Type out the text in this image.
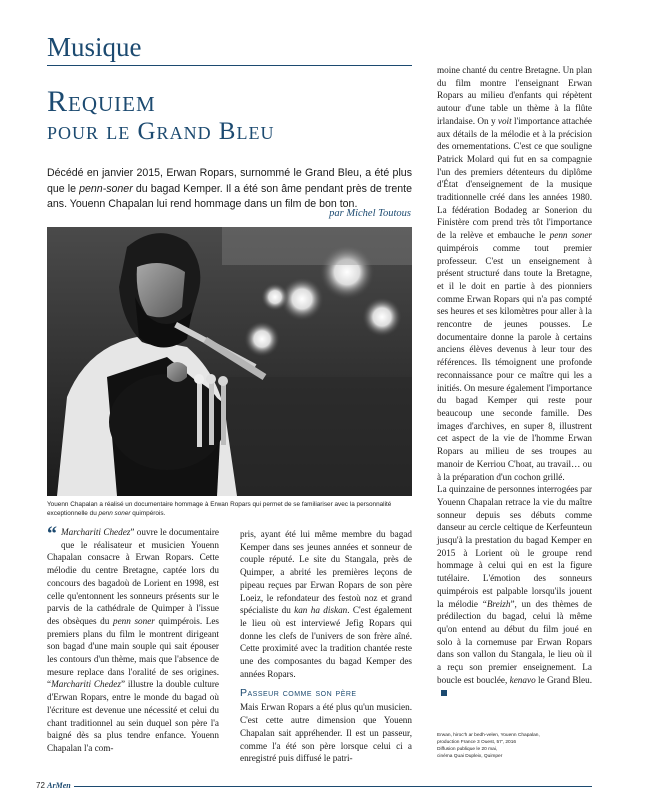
Musique
Requiem
pour le Grand Bleu
Décédé en janvier 2015, Erwan Ropars, surnommé le Grand Bleu, a été plus que le penn-soner du bagad Kemper. Il a été son âme pendant près de trente ans. Youenn Chapalan lui rend hommage dans un film de bon ton.
par Michel Toutous
Youenn Chapalan a réalisé un documentaire hommage à Erwan Ropars qui permet de se familiariser avec la personnalité exceptionnelle du penn soner quimpérois.

“ Marchariti Chedez” ouvre le documentaire que le réalisateur et musicien Youenn Chapalan consacre à Erwan Ropars. Cette mélodie du centre Bretagne, captée lors du concours des bagadoù de Lorient en 1998, est celle qu'entonnent les sonneurs présents sur le parvis de la cathédrale de Quimper à l'issue des obsèques du penn soner quimpérois. Les premiers plans du film le montrent dirigeant son bagad d'une main souple qui sait épouser les contours d'un thème, mais que l'absence de mesure replace dans l'oralité de ses origines. “Marchariti Chedez” illustre la double culture d'Erwan Ropars, entre le monde du bagad où l'écriture est devenue une nécessité et celui du chant traditionnel au sein duquel son père l'a baigné dès sa plus tendre enfance. Youenn Chapalan l'a com-

pris, ayant été lui même membre du bagad Kemper dans ses jeunes années et sonneur de couple réputé. Le site du Stangala, près de Quimper, a abrité les premières leçons de pipeau reçues par Erwan Ropars de son père Loeiz, le refondateur des festoù noz et grand spécialiste du kan ha diskan. C'est également le lieu où est interviewé Jefig Ropars qui donne les clefs de l'univers de son frère aîné. Cette proximité avec la tradition chantée reste une des composantes du bagad Kemper des années Ropars.

Passeur comme son père

Mais Erwan Ropars a été plus qu'un musicien. C'est cette autre dimension que Youenn Chapalan sait appréhender. Il est un passeur, comme l'a été son père lorsque celui ci a enregistré puis diffusé le patri-

moine chanté du centre Bretagne. Un plan du film montre l'enseignant Erwan Ropars au milieu d'enfants qui répètent autour d'une table un thème à la flûte irlandaise. On y voit l'importance attachée aux détails de la mélodie et à la précision des ornementations. C'est ce que souligne Patrick Molard qui fut en sa compagnie l'un des premiers détenteurs du diplôme d'État d'enseignement de la musique traditionnelle créé dans les années 1980. La fédération Bodadeg ar Sonerion du Finistère com prend très tôt l'importance de la relève et embauche le penn soner quimpérois comme tout premier professeur. C'est un enseignement à présent structuré dans toute la Bretagne, et il le doit en partie à des pionniers comme Erwan Ropars qui n'a pas compté ses heures et ses kilomètres pour aller à la rencontre de jeunes pousses. Le documentaire donne la parole à certains anciens élèves devenus à leur tour des références. Ils témoignent une profonde reconnaissance pour ce maître qui les a initiés. On mesure également l'importance du bagad Kemper qui reste pour beaucoup une seconde famille. Des images d'archives, en super 8, illustrent cet aspect de la vie de l'homme Erwan Ropars au milieu de ses troupes au manoir de Kerriou C'hoat, au travail… ou à la préparation d'un cochon grillé.

La quinzaine de personnes interrogées par Youenn Chapalan retrace la vie du maître sonneur depuis ses débuts comme danseur au cercle celtique de Kerfeunteun jusqu'à la prestation du bagad Kemper en 2015 à Lorient où le groupe rend hommage à celui qui en est la figure tutélaire. L'émotion des sonneurs quimpérois est palpable lorsqu'ils jouent la mélodie “Breizh”, un des thèmes de prédilection du bagad, celui là même qu'on entend au début du film joué en solo à la cornemuse par Erwan Ropars dans son vallon du Stangala, le lieu où il a reçu son premier enseignement. La boucle est bouclée, kenavo le Grand Bleu.

Erwan, hiroc'h ar bedh-velen, Youenn Chapalan,
production France 3 Ouest, 57', 2016
Diffusion publique le 20 mai,
cinéma Quai Dupleix, Quimper
72 ArMen
